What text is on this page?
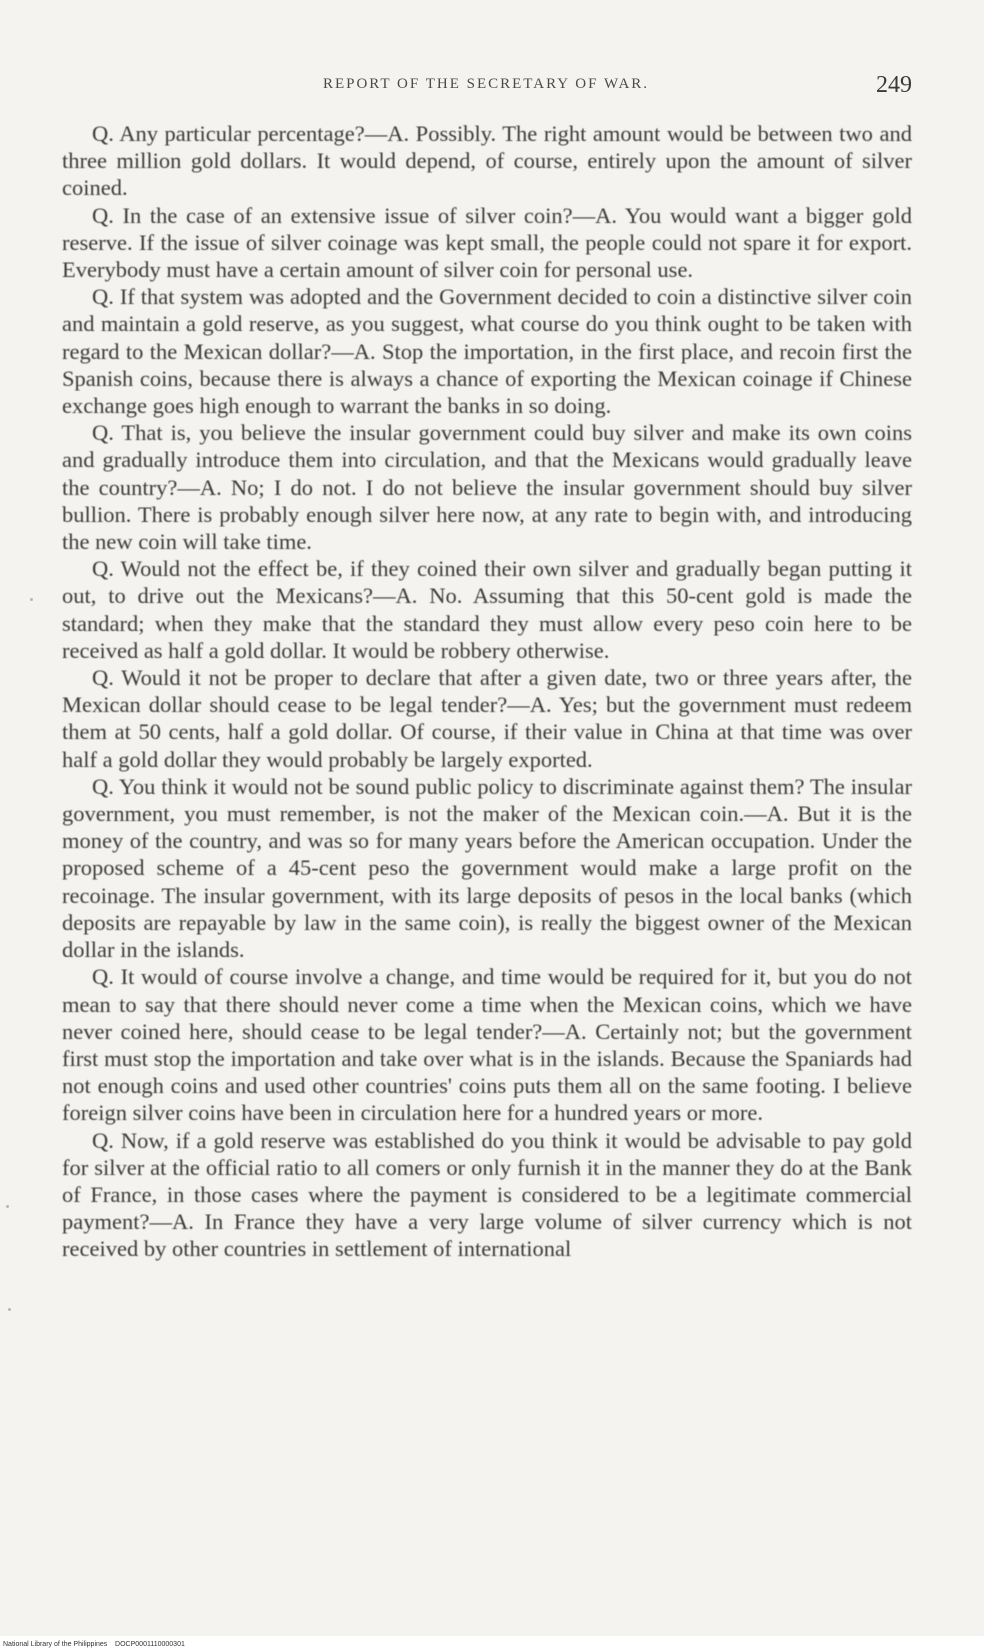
REPORT OF THE SECRETARY OF WAR.	249

Q. Any particular percentage?—A. Possibly. The right amount would be between two and three million gold dollars. It would depend, of course, entirely upon the amount of silver coined.

Q. In the case of an extensive issue of silver coin?—A. You would want a bigger gold reserve. If the issue of silver coinage was kept small, the people could not spare it for export. Everybody must have a certain amount of silver coin for personal use.

Q. If that system was adopted and the Government decided to coin a distinctive silver coin and maintain a gold reserve, as you suggest, what course do you think ought to be taken with regard to the Mexican dollar?—A. Stop the importation, in the first place, and recoin first the Spanish coins, because there is always a chance of exporting the Mexican coinage if Chinese exchange goes high enough to warrant the banks in so doing.

Q. That is, you believe the insular government could buy silver and make its own coins and gradually introduce them into circulation, and that the Mexicans would gradually leave the country?—A. No; I do not. I do not believe the insular government should buy silver bullion. There is probably enough silver here now, at any rate to begin with, and introducing the new coin will take time.

Q. Would not the effect be, if they coined their own silver and gradually began putting it out, to drive out the Mexicans?—A. No. Assuming that this 50-cent gold is made the standard; when they make that the standard they must allow every peso coin here to be received as half a gold dollar. It would be robbery otherwise.

Q. Would it not be proper to declare that after a given date, two or three years after, the Mexican dollar should cease to be legal tender?—A. Yes; but the government must redeem them at 50 cents, half a gold dollar. Of course, if their value in China at that time was over half a gold dollar they would probably be largely exported.

Q. You think it would not be sound public policy to discriminate against them? The insular government, you must remember, is not the maker of the Mexican coin.—A. But it is the money of the country, and was so for many years before the American occupation. Under the proposed scheme of a 45-cent peso the government would make a large profit on the recoinage. The insular government, with its large deposits of pesos in the local banks (which deposits are repayable by law in the same coin), is really the biggest owner of the Mexican dollar in the islands.

Q. It would of course involve a change, and time would be required for it, but you do not mean to say that there should never come a time when the Mexican coins, which we have never coined here, should cease to be legal tender?—A. Certainly not; but the government first must stop the importation and take over what is in the islands. Because the Spaniards had not enough coins and used other countries' coins puts them all on the same footing. I believe foreign silver coins have been in circulation here for a hundred years or more.

Q. Now, if a gold reserve was established do you think it would be advisable to pay gold for silver at the official ratio to all comers or only furnish it in the manner they do at the Bank of France, in those cases where the payment is considered to be a legitimate commercial payment?—A. In France they have a very large volume of silver currency which is not received by other countries in settlement of international

National Library of the Philippines    DOCP0001110000301
